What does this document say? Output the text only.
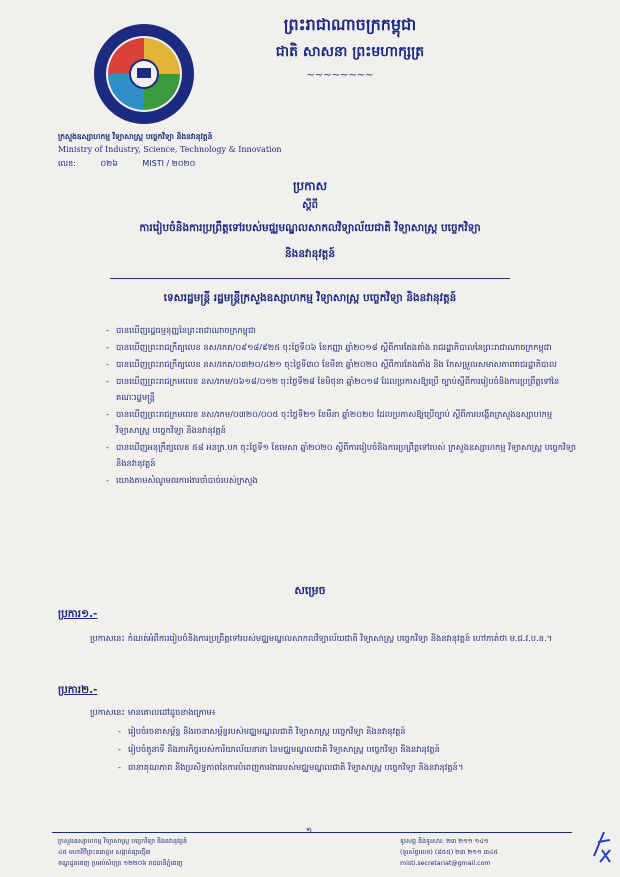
ព្រះរាជាណាចក្រកម្ពុជា
ជាតិ សាសនា ព្រះមហាក្សត្រ
~~~~~~~~
ក្រសួងឧស្សាហកម្ម វិទ្យាសាស្ត្រ បច្ចេកវិទ្យា និងនវានុវត្តន៍
Ministry of Industry, Science, Technology & Innovation
លេខ:	០២៦	MISTI / ២០២០
ប្រកាស
ស្ដីពី
ការរៀបចំនិងការប្រព្រឹត្តទៅរបស់មជ្ឈមណ្ឌលសាកលវិទ្យាល័យជាតិ វិទ្យាសាស្ត្រ បច្ចេកវិទ្យា
និងនវានុវត្តន៍
ទេសរដ្ឋមន្ត្រី រដ្ឋមន្ត្រីក្រសួងឧស្សាហកម្ម វិទ្យាសាស្ត្រ បច្ចេកវិទ្យា និងនវានុវត្តន៍
- បានឃើញរដ្ឋធម្មនុញ្ញនៃព្រះរាជាណាចក្រកម្ពុជា
- បានឃើញព្រះរាជក្រឹត្យលេខ នស/រកត/០៩១៨/៩២៥ ចុះថ្ងៃទី០៦ ខែកញ្ញា ឆ្នាំ២០១៨ ស្ដីពីការតែងតាំង រាជរដ្ឋាភិបាលនៃព្រះរាជាណាចក្រកម្ពុជា
- បានឃើញព្រះរាជក្រឹត្យលេខ នស/រកត/០៣២០/៤២១ ចុះថ្ងៃទី៣០ ខែមីនា ឆ្នាំ២០២០ ស្ដីពីការតែងតាំង និង កែសម្រួលសមាសភាពរាជរដ្ឋាភិបាល
- បានឃើញព្រះរាជក្រមលេខ នស/រកម/០៦១៨/០១២ ចុះថ្ងៃទី២៨ ខែមិថុនា ឆ្នាំ២០១៨ ដែលប្រកាសឱ្យប្រើ ច្បាប់ស្ដីពីការរៀបចំនិងការប្រព្រឹត្តទៅនៃគណៈរដ្ឋមន្ត្រី
- បានឃើញព្រះរាជក្រមលេខ នស/រកម/០៣២០/០០៥ ចុះថ្ងៃទី២១ ខែមីនា ឆ្នាំ២០២០ ដែលប្រកាសឱ្យប្រើច្បាប់ ស្ដីពីការបង្កើតក្រសួងឧស្សាហកម្ម វិទ្យាសាស្ត្រ បច្ចេកវិទ្យា និងនវានុវត្តន៍
- បានឃើញអនុក្រឹត្យលេខ ៥៨ អនក្រ.បក ចុះថ្ងៃទី១ ខែមេសា ឆ្នាំ២០២០ ស្ដីពីការរៀបចំនិងការប្រព្រឹត្តទៅរបស់ ក្រសួងឧស្សាហកម្ម វិទ្យាសាស្ត្រ បច្ចេកវិទ្យា និងនវានុវត្តន៍
- យោងតាមសំណូមពរការងារចាំបាច់របស់ក្រសួង
សម្រេច
ប្រការ១.-
ប្រកាសនេះ កំណត់អំពីការរៀបចំនិងការប្រព្រឹត្តទៅរបស់មជ្ឈមណ្ឌលសាកលវិទ្យាល័យជាតិ វិទ្យាសាស្ត្រ បច្ចេកវិទ្យា និងនវានុវត្តន៍ ហៅកាត់ថា ម.ជ.វ.ប.ន.។
ប្រការ២.-
ប្រកាសនេះ មានគោលដៅដូចខាងក្រោម៖
- រៀបចំរចនាសម្ព័ន្ធ និងរចនាសម្ព័ន្ធរបស់មជ្ឈមណ្ឌលជាតិ វិទ្យាសាស្ត្រ បច្ចេកវិទ្យា និងនវានុវត្តន៍
- រៀបចំតួនាទី និងភារកិច្ចរបស់ការិយាល័យនានា នៃមជ្ឈមណ្ឌលជាតិ វិទ្យាសាស្ត្រ បច្ចេកវិទ្យា និងនវានុវត្តន៍
- ធានាគុណភាព និងប្រសិទ្ធភាពនៃការបំពេញការងាររបស់មជ្ឈមណ្ឌលជាតិ វិទ្យាសាស្ត្រ បច្ចេកវិទ្យា និងនវានុវត្តន៍។
១
ក្រសួងឧស្សាហកម្ម វិទ្យាសាស្ត្រ បច្ចេកវិទ្យា និងនវានុវត្តន៍
៤៥ មហាវិថីព្រះនរោត្តម សង្កាត់ផ្សារថ្មី៣
ខណ្ឌដូនពេញ ប្រអប់សំបុត្រ ១២២០៦ រាជធានីភ្នំពេញ
ទូរសព្ទ និងទូរសារ: ២៣ ២១១ ១៤១
(ទូរស័ព្ទលេខ) (៨៥៥) ២៣ ២១១ ៣៤៥
misti.secretariat@gmail.com
